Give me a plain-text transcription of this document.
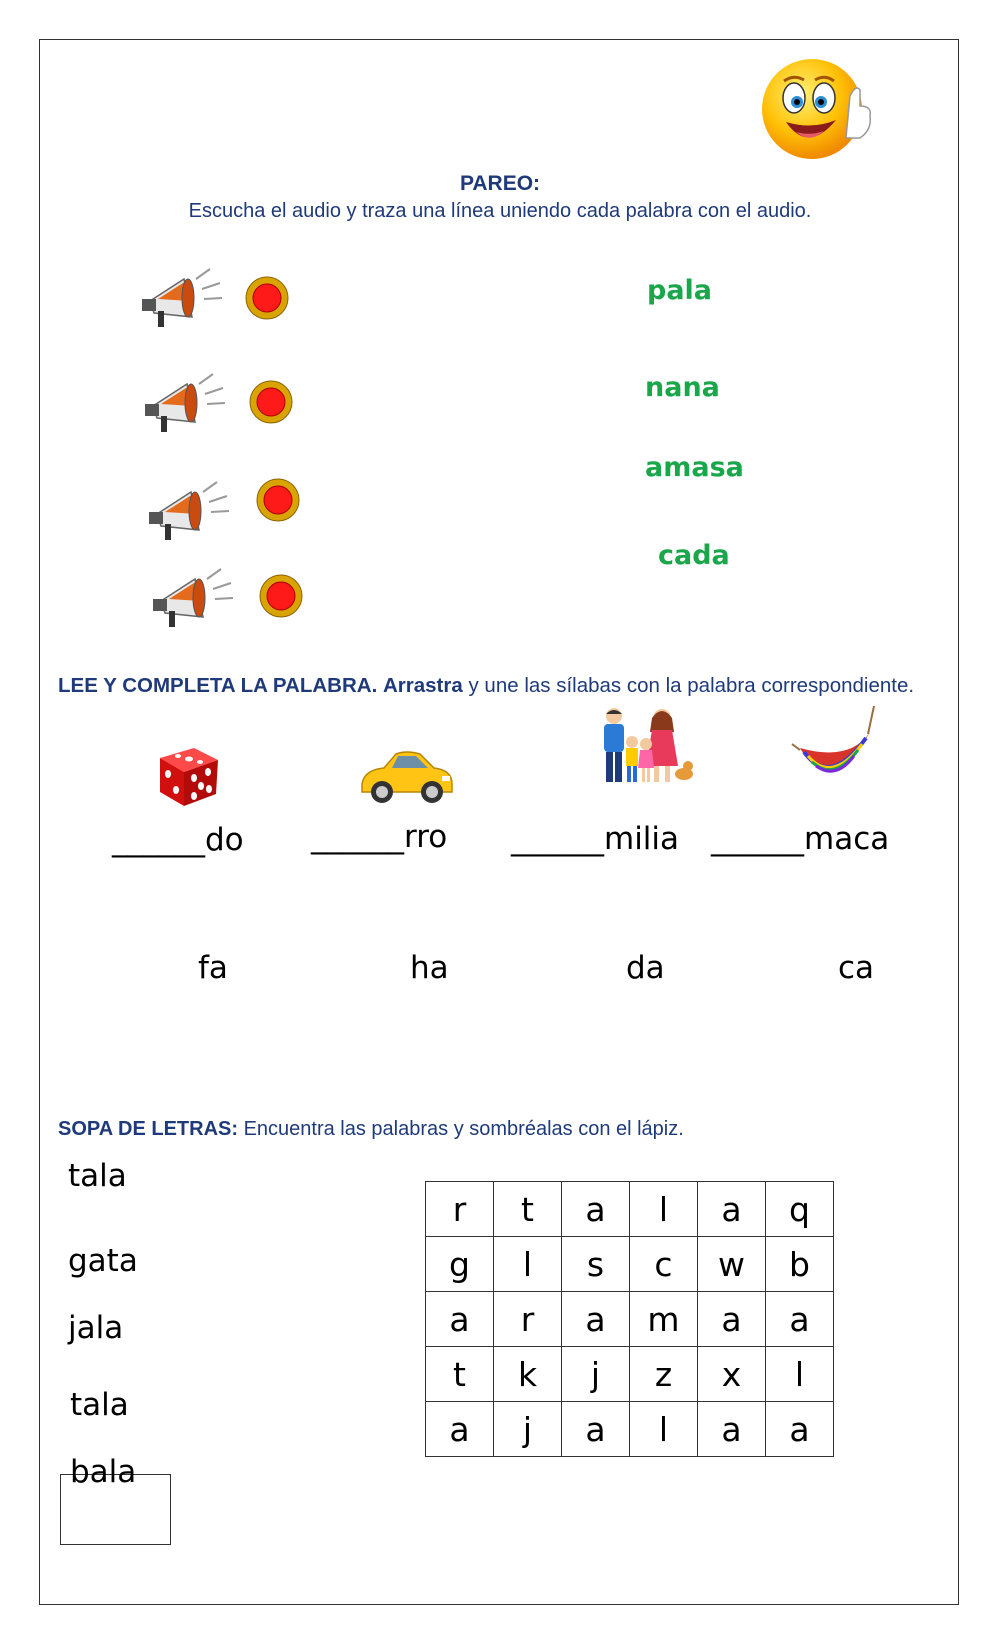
PAREO:
Escucha el audio y traza una línea uniendo cada palabra con el audio.
pala
nana
amasa
cada
LEE Y COMPLETA LA PALABRA. Arrastra y une las sílabas con la palabra correspondiente.
______do ______rro ______milia ______maca
fa	ha	da	ca
SOPA DE LETRAS: Encuentra las palabras y sombréalas con el lápiz.
tala
gata
jala
tala
bala
r	t	a	l	a	q
g	l	s	c	w	b
a	r	a	m	a	a
t	k	j	z	x	l
a	j	a	l	a	a
